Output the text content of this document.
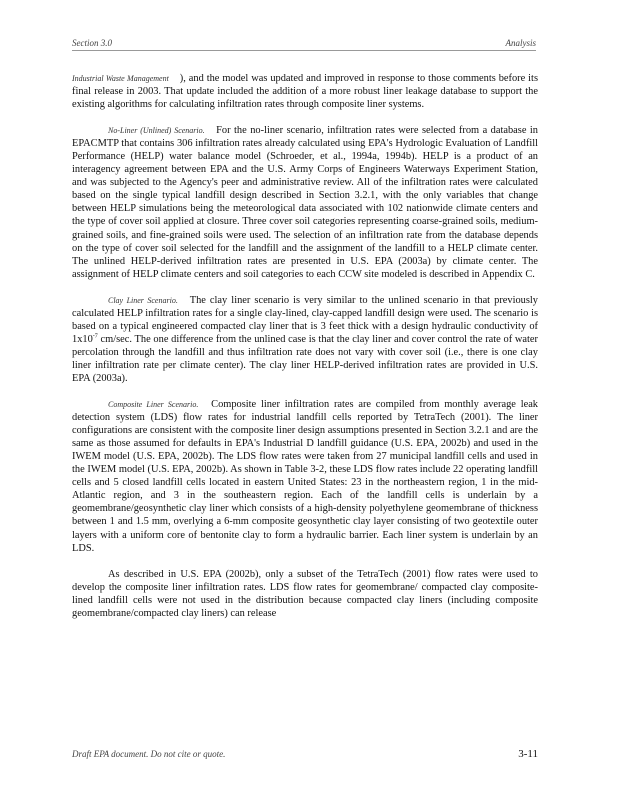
Section 3.0	Analysis

Industrial Waste Management  ), and the model was updated and improved in response to those comments before its final release in 2003. That update included the addition of a more robust liner leakage database to support the existing algorithms for calculating infiltration rates through composite liner systems.

No-Liner (Unlined) Scenario.  For the no-liner scenario, infiltration rates were selected from a database in EPACMTP that contains 306 infiltration rates already calculated using EPA's Hydrologic Evaluation of Landfill Performance (HELP) water balance model (Schroeder, et al., 1994a, 1994b). HELP is a product of an interagency agreement between EPA and the U.S. Army Corps of Engineers Waterways Experiment Station, and was subjected to the Agency's peer and administrative review. All of the infiltration rates were calculated based on the single typical landfill design described in Section 3.2.1, with the only variables that change between HELP simulations being the meteorological data associated with 102 nationwide climate centers and the type of cover soil applied at closure. Three cover soil categories representing coarse-grained soils, medium-grained soils, and fine-grained soils were used. The selection of an infiltration rate from the database depends on the type of cover soil selected for the landfill and the assignment of the landfill to a HELP climate center. The unlined HELP-derived infiltration rates are presented in U.S. EPA (2003a) by climate center. The assignment of HELP climate centers and soil categories to each CCW site modeled is described in Appendix C.

Clay Liner Scenario.  The clay liner scenario is very similar to the unlined scenario in that previously calculated HELP infiltration rates for a single clay-lined, clay-capped landfill design were used. The scenario is based on a typical engineered compacted clay liner that is 3 feet thick with a design hydraulic conductivity of $1x10^{-7}$ cm/sec. The one difference from the unlined case is that the clay liner and cover control the rate of water percolation through the landfill and thus infiltration rate does not vary with cover soil (i.e., there is one clay liner infiltration rate per climate center). The clay liner HELP-derived infiltration rates are provided in U.S. EPA (2003a).

Composite Liner Scenario.  Composite liner infiltration rates are compiled from monthly average leak detection system (LDS) flow rates for industrial landfill cells reported by TetraTech (2001). The liner configurations are consistent with the composite liner design assumptions presented in Section 3.2.1 and are the same as those assumed for defaults in EPA's Industrial D landfill guidance (U.S. EPA, 2002b) and used in the IWEM model (U.S. EPA, 2002b). The LDS flow rates were taken from 27 municipal landfill cells and used in the IWEM model (U.S. EPA, 2002b). As shown in Table 3-2, these LDS flow rates include 22 operating landfill cells and 5 closed landfill cells located in eastern United States: 23 in the northeastern region, 1 in the mid-Atlantic region, and 3 in the southeastern region. Each of the landfill cells is underlain by a geomembrane/geosynthetic clay liner which consists of a high-density polyethylene geomembrane of thickness between 1 and 1.5 mm, overlying a 6-mm composite geosynthetic clay layer consisting of two geotextile outer layers with a uniform core of bentonite clay to form a hydraulic barrier. Each liner system is underlain by an LDS.

As described in U.S. EPA (2002b), only a subset of the TetraTech (2001) flow rates were used to develop the composite liner infiltration rates. LDS flow rates for geomembrane/ compacted clay composite-lined landfill cells were not used in the distribution because compacted clay liners (including composite geomembrane/compacted clay liners) can release

Draft EPA document. Do not cite or quote.	3-11
